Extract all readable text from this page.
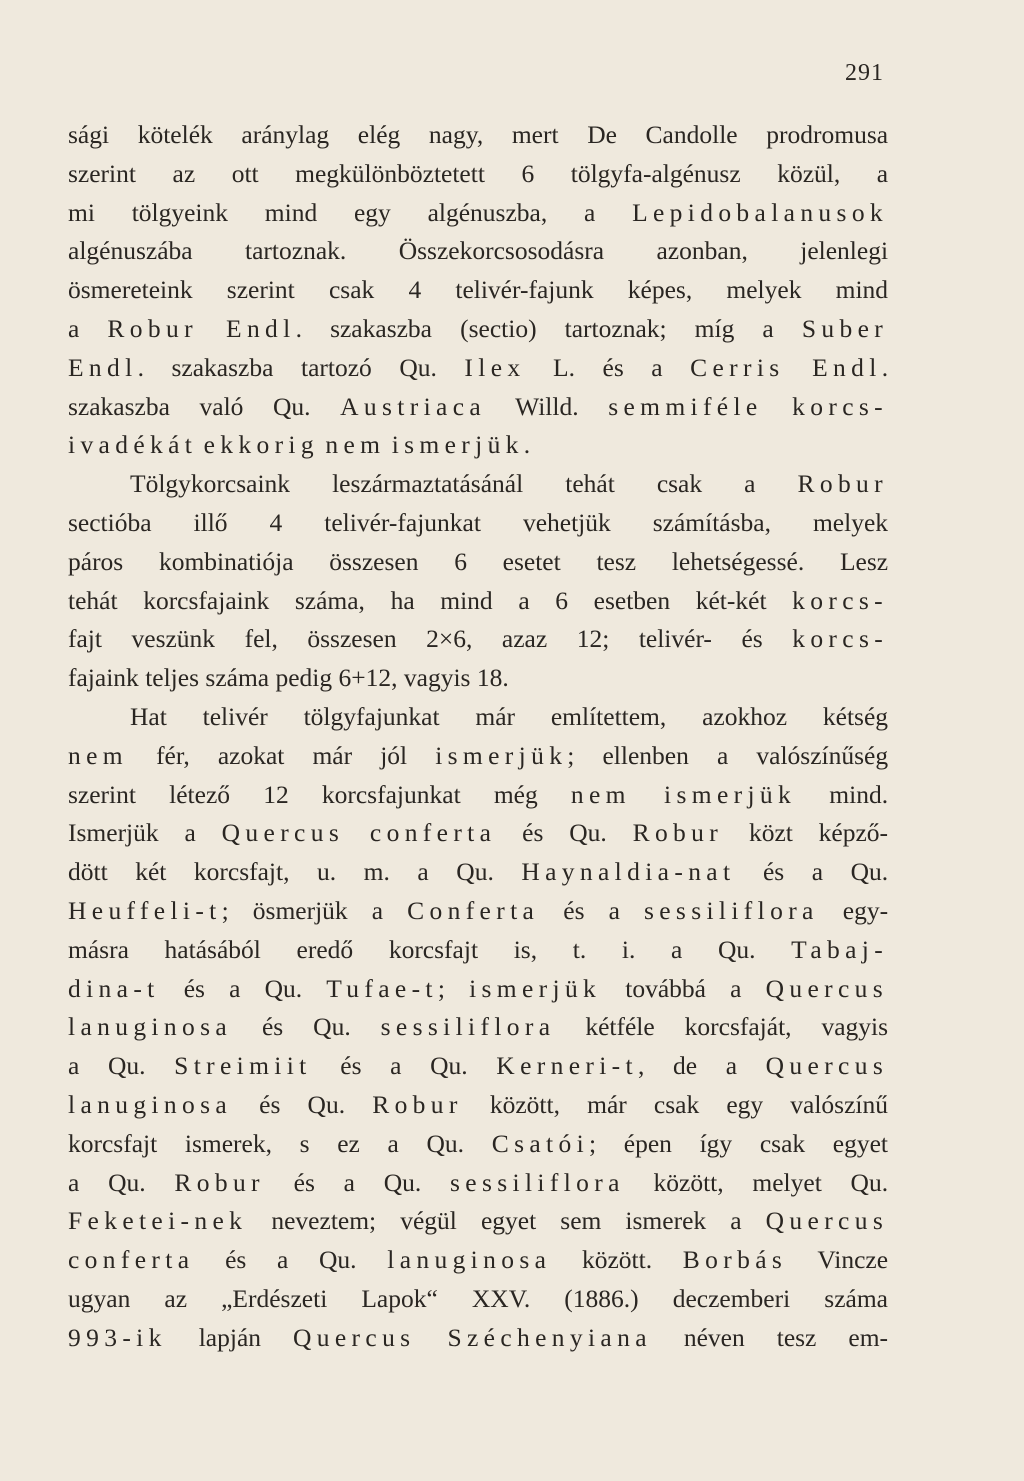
291
sági kötelék aránylag elég nagy, mert De Candolle prodromusa
szerint az ott megkülönböztetett 6 tölgyfa-algénusz közül, a
mi tölgyeink mind egy algénuszba, a Lepidobalanusok
algénuszába tartoznak. Összekorcsosodásra azonban, jelenlegi
ösmereteink szerint csak 4 telivér-fajunk képes, melyek mind
a Robur Endl. szakaszba (sectio) tartoznak; míg a Suber
Endl. szakaszba tartozó Qu. Ilex L. és a Cerris Endl.
szakaszba való Qu. Austriaca Willd. semmiféle korcs-
ivadékát ekkorig nem ismerjük.
Tölgykorcsaink leszármaztatásánál tehát csak a Robur
sectióba illő 4 telivér-fajunkat vehetjük számításba, melyek
páros kombinatiója összesen 6 esetet tesz lehetségessé. Lesz
tehát korcsfajaink száma, ha mind a 6 esetben két-két korcs-
fajt veszünk fel, összesen 2×6, azaz 12; telivér- és korcs-
fajaink teljes száma pedig 6+12, vagyis 18.
Hat telivér tölgyfajunkat már említettem, azokhoz kétség
nem fér, azokat már jól ismerjük; ellenben a valószínűség
szerint létező 12 korcsfajunkat még nem ismerjük mind.
Ismerjük a Quercus conferta és Qu. Robur közt képző-
dött két korcsfajt, u. m. a Qu. Haynaldia-nat és a Qu.
Heuffeli-t; ösmerjük a Conferta és a sessiliflora egy-
másra hatásából eredő korcsfajt is, t. i. a Qu. Tabaj-
dina-t és a Qu. Tufae-t; ismerjük továbbá a Quercus
lanuginosa és Qu. sessiliflora kétféle korcsfaját, vagyis
a Qu. Streimiit és a Qu. Kerneri-t, de a Quercus
lanuginosa és Qu. Robur között, már csak egy valószínű
korcsfajt ismerek, s ez a Qu. Csatói; épen így csak egyet
a Qu. Robur és a Qu. sessiliflora között, melyet Qu.
Feketei-nek neveztem; végül egyet sem ismerek a Quercus
conferta és a Qu. lanuginosa között. Borbás Vincze
ugyan az „Erdészeti Lapok“ XXV. (1886.) deczemberi száma
993-ik lapján Quercus Széchenyiana néven tesz em-
